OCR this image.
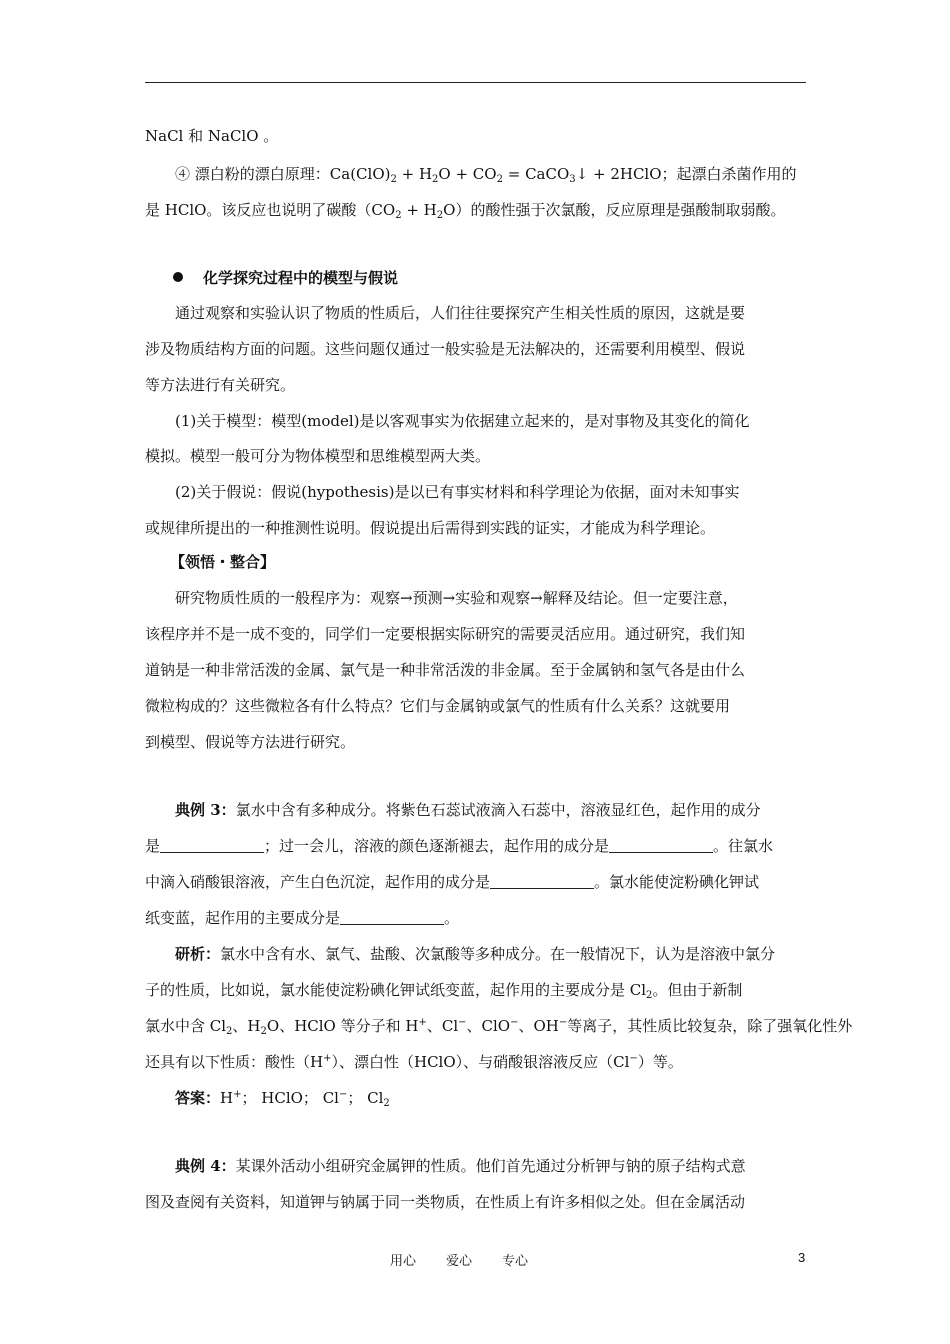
NaCl 和 NaClO 。
④ 漂白粉的漂白原理：$Ca(ClO)_2 + H_2O + CO_2$ = CaCO$_3$↓ + 2HClO；起漂白杀菌作用的
是 HClO。该反应也说明了碳酸$(CO_2 + H_2O)$的酸性强于次氯酸，反应原理是强酸制取弱酸。
化学探究过程中的模型与假说
通过观察和实验认识了物质的性质后，人们往往要探究产生相关性质的原因，这就是要
涉及物质结构方面的问题。这些问题仅通过一般实验是无法解决的，还需要利用模型、假说
等方法进行有关研究。
(1)关于模型：模型(model)是以客观事实为依据建立起来的，是对事物及其变化的简化
模拟。模型一般可分为物体模型和思维模型两大类。
(2)关于假说：假说(hypothesis)是以已有事实材料和科学理论为依据，面对未知事实
或规律所提出的一种推测性说明。假说提出后需得到实践的证实，才能成为科学理论。
【领悟・整合】
研究物质性质的一般程序为：观察→预测→实验和观察→解释及结论。但一定要注意，
该程序并不是一成不变的，同学们一定要根据实际研究的需要灵活应用。通过研究，我们知
道钠是一种非常活泼的金属、氯气是一种非常活泼的非金属。至于金属钠和氢气各是由什么
微粒构成的？这些微粒各有什么特点？它们与金属钠或氯气的性质有什么关系？这就要用
到模型、假说等方法进行研究。
典例 3：氯水中含有多种成分。将紫色石蕊试液滴入石蕊中，溶液显红色，起作用的成分
是	；过一会儿，溶液的颜色逐渐褪去，起作用的成分是	。往氯水
中滴入硝酸银溶液，产生白色沉淀，起作用的成分是	。氯水能使淀粉碘化钾试
纸变蓝，起作用的主要成分是	。
研析：氯水中含有水、氯气、盐酸、次氯酸等多种成分。在一般情况下，认为是溶液中氯分
子的性质，比如说，氯水能使淀粉碘化钾试纸变蓝，起作用的主要成分是 $Cl_2$。但由于新制
氯水中含 $Cl_2$、$H_2O$、HClO 等分子和 H+、Cl−、ClO−、OH−等离子，其性质比较复杂，除了强氧化性外
还具有以下性质：酸性（H+）、漂白性（HClO）、与硝酸银溶液反应（Cl−）等。
答案：H+； HClO； Cl−； $Cl_2$
典例 4：某课外活动小组研究金属钾的性质。他们首先通过分析钾与钠的原子结构式意
图及查阅有关资料，知道钾与钠属于同一类物质，在性质上有许多相似之处。但在金属活动
用心 爱心 专心	3
